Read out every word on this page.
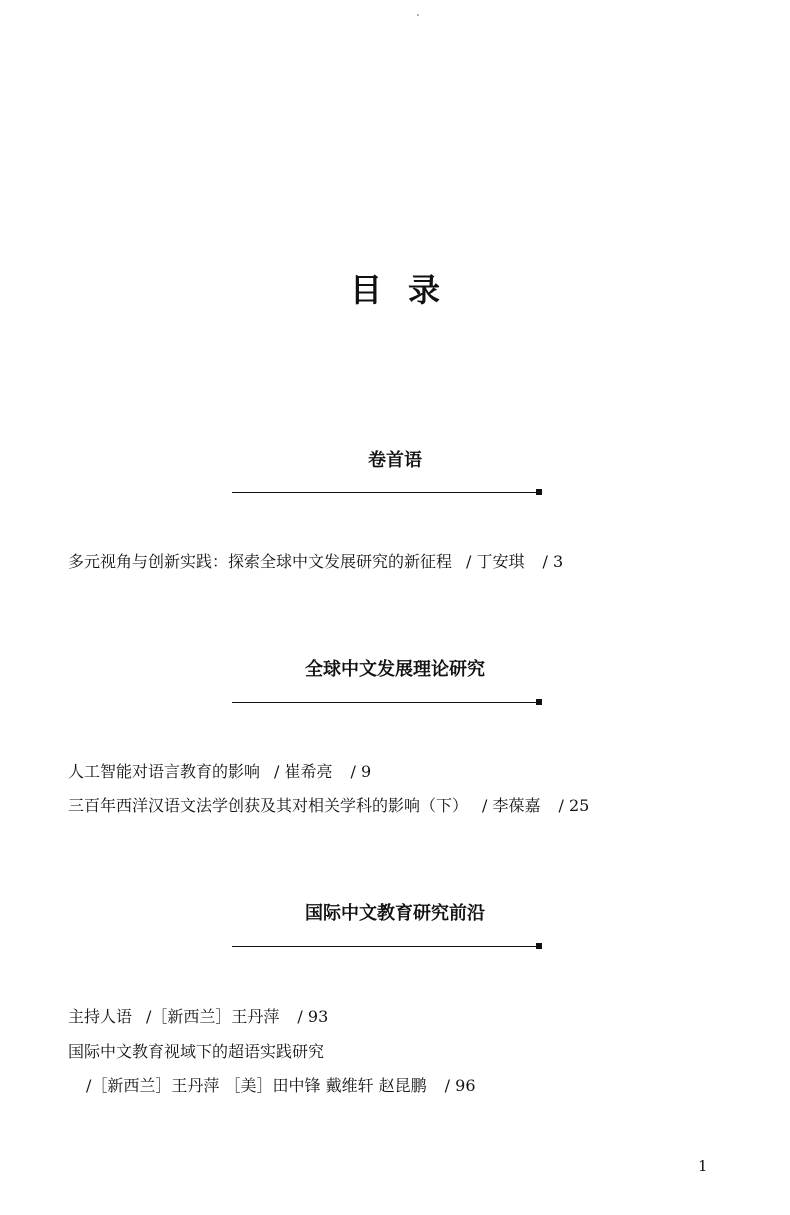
目录
卷首语
多元视角与创新实践：探索全球中文发展研究的新征程 / 丁安琪 / 3
全球中文发展理论研究
人工智能对语言教育的影响 / 崔希亮 / 9
三百年西洋汉语文法学创获及其对相关学科的影响（下） / 李葆嘉 / 25
国际中文教育研究前沿
主持人语 /［新西兰］王丹萍 / 93
国际中文教育视域下的超语实践研究
/［新西兰］王丹萍 ［美］田中锋 戴维轩 赵昆鹏 / 96
1
